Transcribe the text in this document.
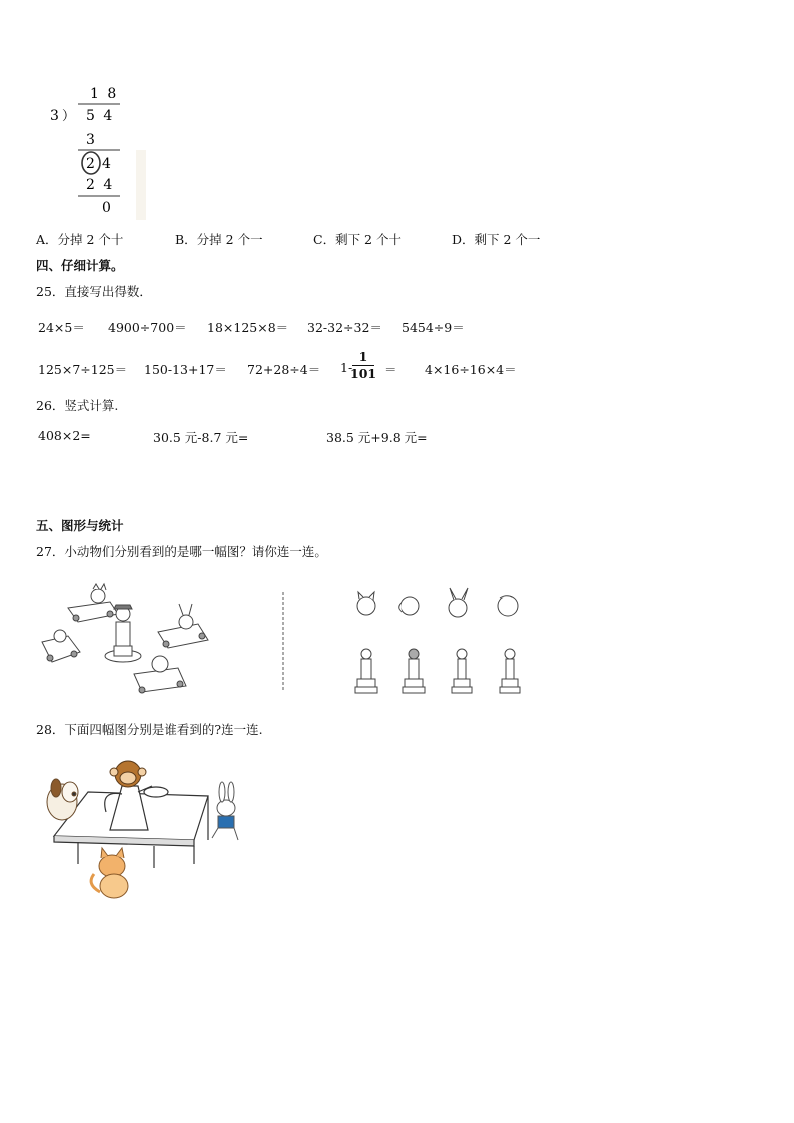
1 8
3 ） 5 4
3
2 4
2 4
0
A．分掉 2 个十	B．分掉 2 个一	C．剩下 2 个十	D．剩下 2 个一
四、仔细计算。
25．直接写出得数．
24×5＝ 4900÷700＝ 18×125×8＝ 32-32÷32＝ 5454÷9＝
125×7÷125＝ 150-13+17＝ 72+28÷4＝ 1-
1
101 ＝ 4×16÷16×4＝
26．竖式计算.
408×2=	30.5 元-8.7 元=	38.5 元+9.8 元=
五、图形与统计
27．小动物们分别看到的是哪一幅图？请你连一连。
28．下面四幅图分别是谁看到的?连一连.
